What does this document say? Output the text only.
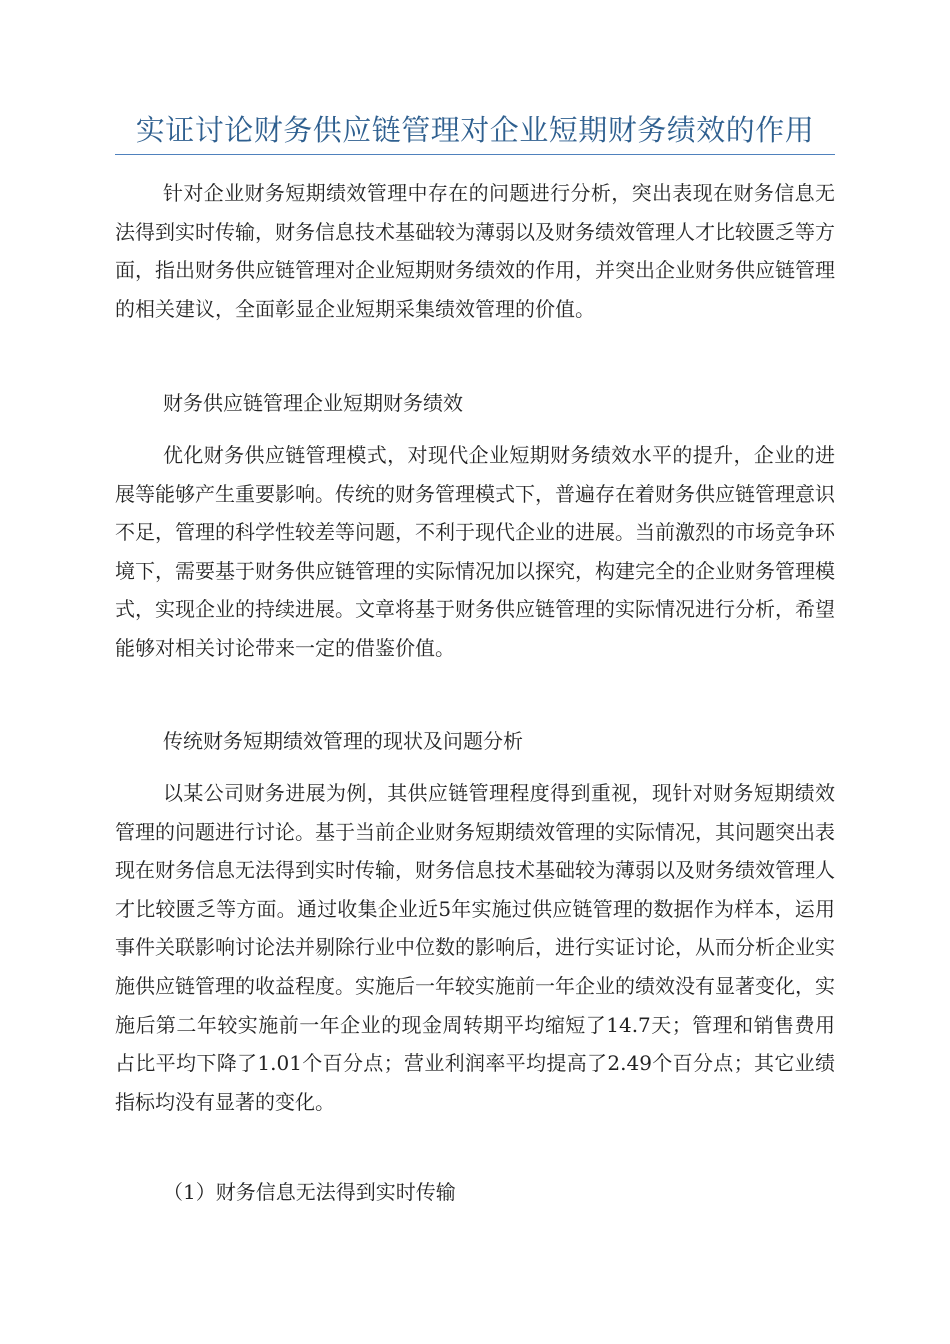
实证讨论财务供应链管理对企业短期财务绩效的作用

针对企业财务短期绩效管理中存在的问题进行分析，突出表现在财务信息无法得到实时传输，财务信息技术基础较为薄弱以及财务绩效管理人才比较匮乏等方面，指出财务供应链管理对企业短期财务绩效的作用，并突出企业财务供应链管理的相关建议，全面彰显企业短期采集绩效管理的价值。

财务供应链管理企业短期财务绩效

优化财务供应链管理模式，对现代企业短期财务绩效水平的提升，企业的进展等能够产生重要影响。传统的财务管理模式下，普遍存在着财务供应链管理意识不足，管理的科学性较差等问题，不利于现代企业的进展。当前激烈的市场竞争环境下，需要基于财务供应链管理的实际情况加以探究，构建完全的企业财务管理模式，实现企业的持续进展。文章将基于财务供应链管理的实际情况进行分析，希望能够对相关讨论带来一定的借鉴价值。

传统财务短期绩效管理的现状及问题分析

以某公司财务进展为例，其供应链管理程度得到重视，现针对财务短期绩效管理的问题进行讨论。基于当前企业财务短期绩效管理的实际情况，其问题突出表现在财务信息无法得到实时传输，财务信息技术基础较为薄弱以及财务绩效管理人才比较匮乏等方面。通过收集企业近5年实施过供应链管理的数据作为样本，运用事件关联影响讨论法并剔除行业中位数的影响后，进行实证讨论，从而分析企业实施供应链管理的收益程度。实施后一年较实施前一年企业的绩效没有显著变化，实施后第二年较实施前一年企业的现金周转期平均缩短了14.7天；管理和销售费用占比平均下降了1.01个百分点；营业利润率平均提高了2.49个百分点；其它业绩指标均没有显著的变化。

（1）财务信息无法得到实时传输
